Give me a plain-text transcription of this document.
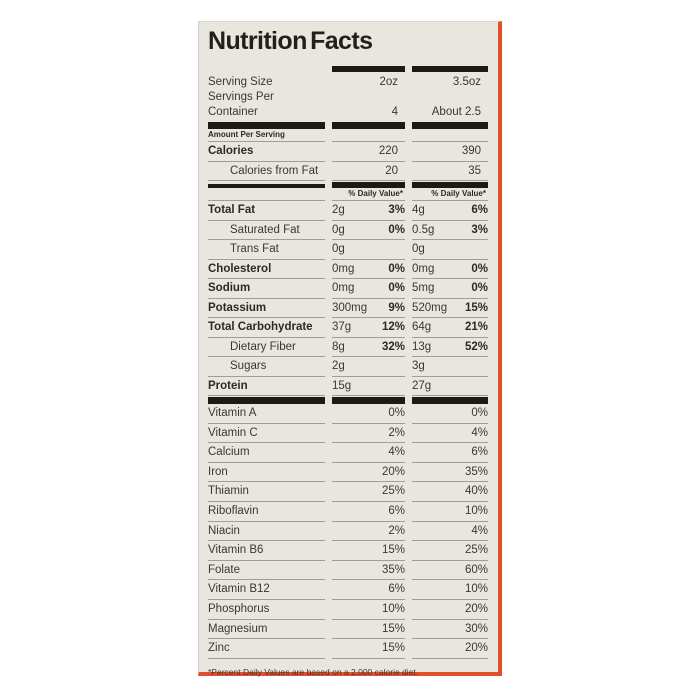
Nutrition Facts
Serving Size	2oz	3.5oz
Servings Per Container	4	About 2.5
Amount Per Serving
Calories	220	390
Calories from Fat	20	35
% Daily Value*	% Daily Value*
Total Fat	2g	3% 4g	6%
Saturated Fat	0g	0% 0.5g	3%
Trans Fat	0g	0g
Cholesterol	0mg	0% 0mg	0%
Sodium	0mg	0% 5mg	0%
Potassium	300mg 9% 520mg 15%
Total Carbohydrate	37g	12% 64g	21%
Dietary Fiber	8g	32% 13g	52%
Sugars	2g	3g
Protein	15g	27g
Vitamin A	0%	0%
Vitamin C	2%	4%
Calcium	4%	6%
Iron	20%	35%
Thiamin	25%	40%
Riboflavin	6%	10%
Niacin	2%	4%
Vitamin B6	15%	25%
Folate	35%	60%
Vitamin B12	6%	10%
Phosphorus	10%	20%
Magnesium	15%	30%
Zinc	15%	20%
*Percent Daily Values are based on a 2,000 calorie diet.
